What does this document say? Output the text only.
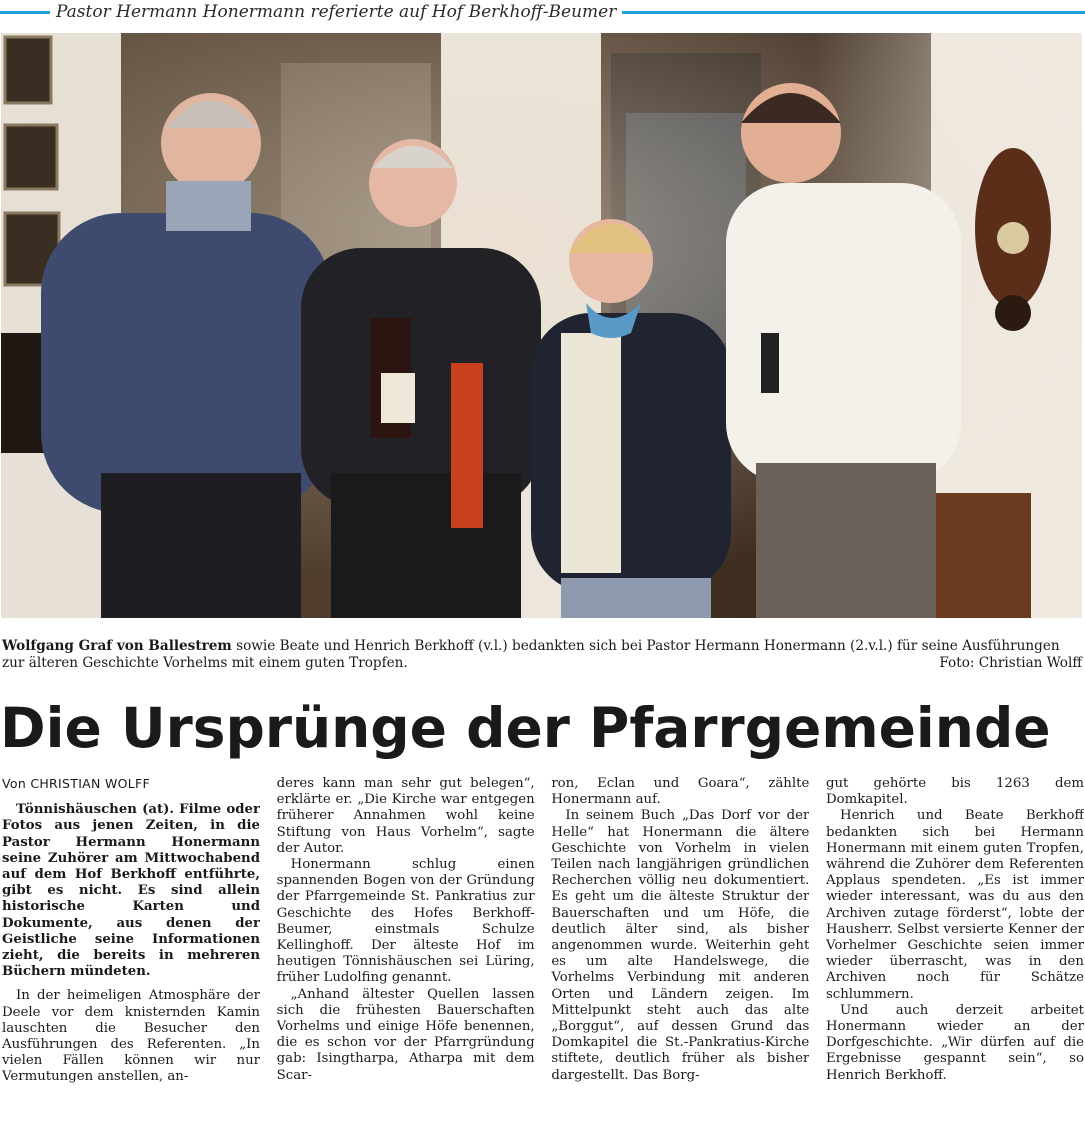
Pastor Hermann Honermann referierte auf Hof Berkhoff-Beumer
Wolfgang Graf von Ballestrem sowie Beate und Henrich Berkhoff (v.l.) bedankten sich bei Pastor Hermann Honermann (2.v.l.) für seine Ausführungen zur älteren Geschichte Vorhelms mit einem guten Tropfen.	Foto: Christian Wolff
Die Ursprünge der Pfarrgemeinde
Von CHRISTIAN WOLFF

Tönnishäuschen (at). Filme oder Fotos aus jenen Zeiten, in die Pastor Hermann Honermann seine Zuhörer am Mittwochabend auf dem Hof Berkhoff entführte, gibt es nicht. Es sind allein historische Karten und Dokumente, aus denen der Geistliche seine Informationen zieht, die bereits in mehreren Büchern mündeten.

In der heimeligen Atmosphäre der Deele vor dem knisternden Kamin lauschten die Besucher den Ausführungen des Referenten. „In vielen Fällen können wir nur Vermutungen anstellen, an-

deres kann man sehr gut belegen“, erklärte er. „Die Kirche war entgegen früherer Annahmen wohl keine Stiftung von Haus Vorhelm“, sagte der Autor.

Honermann schlug einen spannenden Bogen von der Gründung der Pfarrgemeinde St. Pankratius zur Geschichte des Hofes Berkhoff-Beumer, einstmals Schulze Kellinghoff. Der älteste Hof im heutigen Tönnishäuschen sei Lüring, früher Ludolfing genannt.

„Anhand ältester Quellen lassen sich die frühesten Bauerschaften Vorhelms und einige Höfe benennen, die es schon vor der Pfarrgründung gab: Isingtharpa, Atharpa mit dem Scar-

ron, Eclan und Goara“, zählte Honermann auf.

In seinem Buch „Das Dorf vor der Helle“ hat Honermann die ältere Geschichte von Vorhelm in vielen Teilen nach langjährigen gründlichen Recherchen völlig neu dokumentiert. Es geht um die älteste Struktur der Bauerschaften und um Höfe, die deutlich älter sind, als bisher angenommen wurde. Weiterhin geht es um alte Handelswege, die Vorhelms Verbindung mit anderen Orten und Ländern zeigen. Im Mittelpunkt steht auch das alte „Borggut“, auf dessen Grund das Domkapitel die St.-Pankratius-Kirche stiftete, deutlich früher als bisher dargestellt. Das Borg-

gut gehörte bis 1263 dem Domkapitel.

Henrich und Beate Berkhoff bedankten sich bei Hermann Honermann mit einem guten Tropfen, während die Zuhörer dem Referenten Applaus spendeten. „Es ist immer wieder interessant, was du aus den Archiven zutage förderst“, lobte der Hausherr. Selbst versierte Kenner der Vorhelmer Geschichte seien immer wieder überrascht, was in den Archiven noch für Schätze schlummern.

Und auch derzeit arbeitet Honermann wieder an der Dorfgeschichte. „Wir dürfen auf die Ergebnisse gespannt sein“, so Henrich Berkhoff.
